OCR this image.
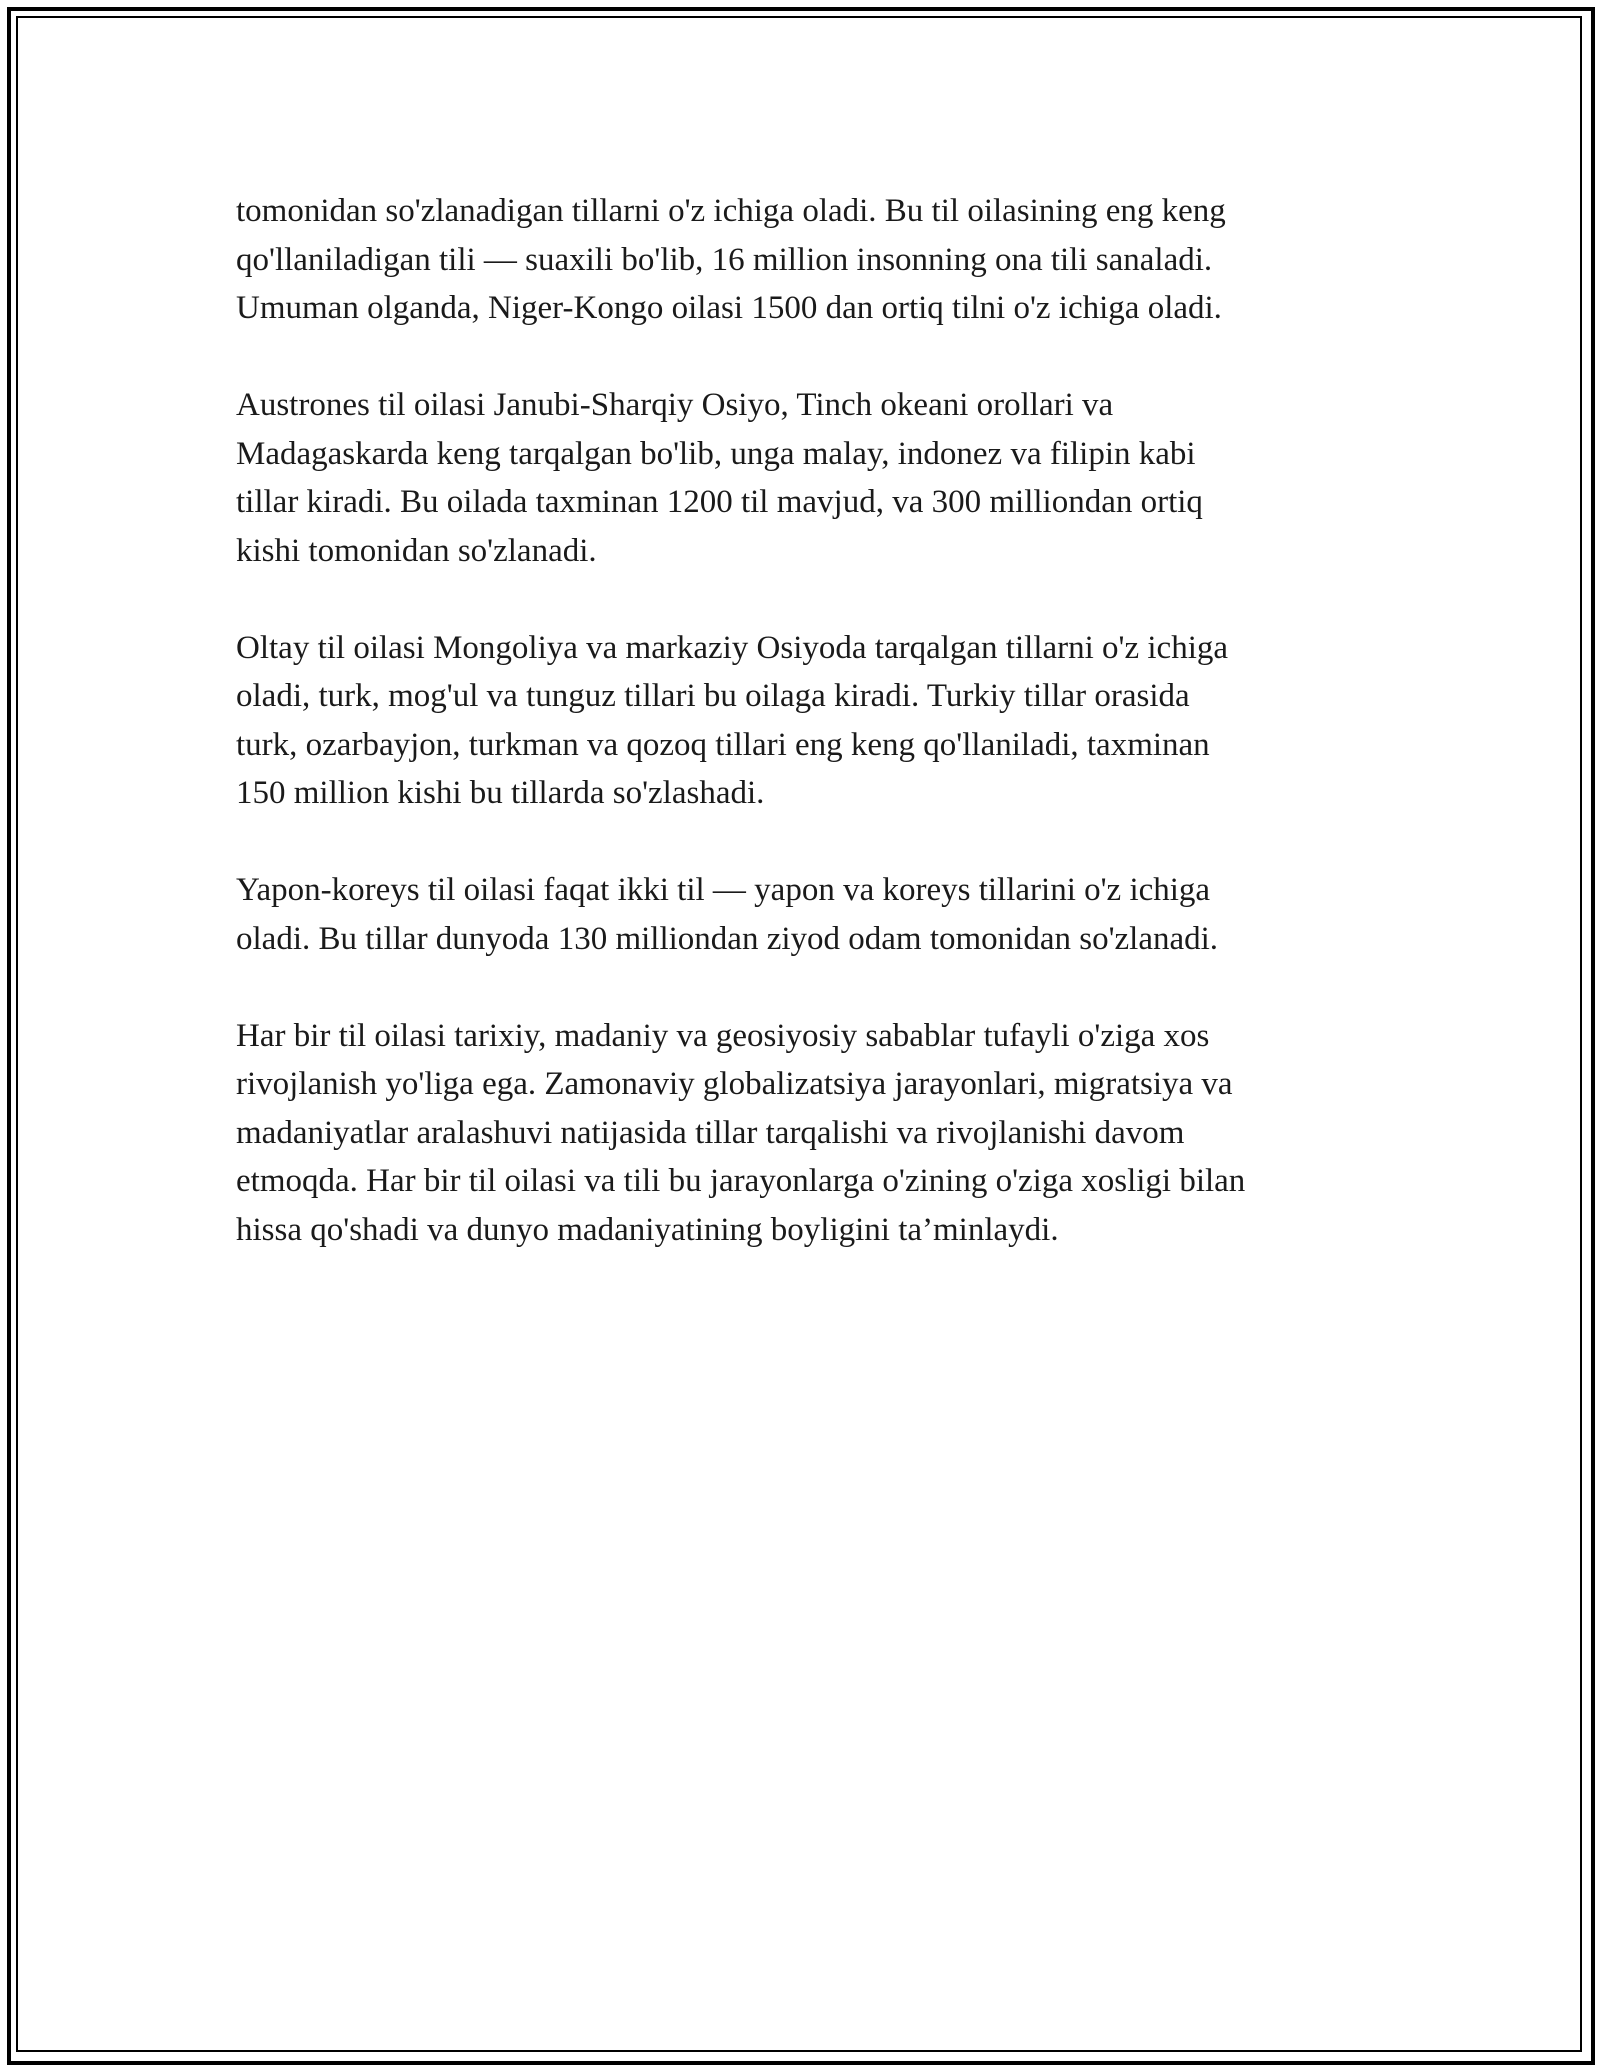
tomonidan so'zlanadigan tillarni o'z ichiga oladi. Bu til oilasining eng keng
qo'llaniladigan tili — suaxili bo'lib, 16 million insonning ona tili sanaladi.
Umuman olganda, Niger-Kongo oilasi 1500 dan ortiq tilni o'z ichiga oladi.

Austrones til oilasi Janubi-Sharqiy Osiyo, Tinch okeani orollari va
Madagaskarda keng tarqalgan bo'lib, unga malay, indonez va filipin kabi
tillar kiradi. Bu oilada taxminan 1200 til mavjud, va 300 milliondan ortiq
kishi tomonidan so'zlanadi.

Oltay til oilasi Mongoliya va markaziy Osiyoda tarqalgan tillarni o'z ichiga
oladi, turk, mog'ul va tunguz tillari bu oilaga kiradi. Turkiy tillar orasida
turk, ozarbayjon, turkman va qozoq tillari eng keng qo'llaniladi, taxminan
150 million kishi bu tillarda so'zlashadi.

Yapon-koreys til oilasi faqat ikki til — yapon va koreys tillarini o'z ichiga
oladi. Bu tillar dunyoda 130 milliondan ziyod odam tomonidan so'zlanadi.

Har bir til oilasi tarixiy, madaniy va geosiyosiy sabablar tufayli o'ziga xos
rivojlanish yo'liga ega. Zamonaviy globalizatsiya jarayonlari, migratsiya va
madaniyatlar aralashuvi natijasida tillar tarqalishi va rivojlanishi davom
etmoqda. Har bir til oilasi va tili bu jarayonlarga o'zining o'ziga xosligi bilan
hissa qo'shadi va dunyo madaniyatining boyligini ta’minlaydi.
